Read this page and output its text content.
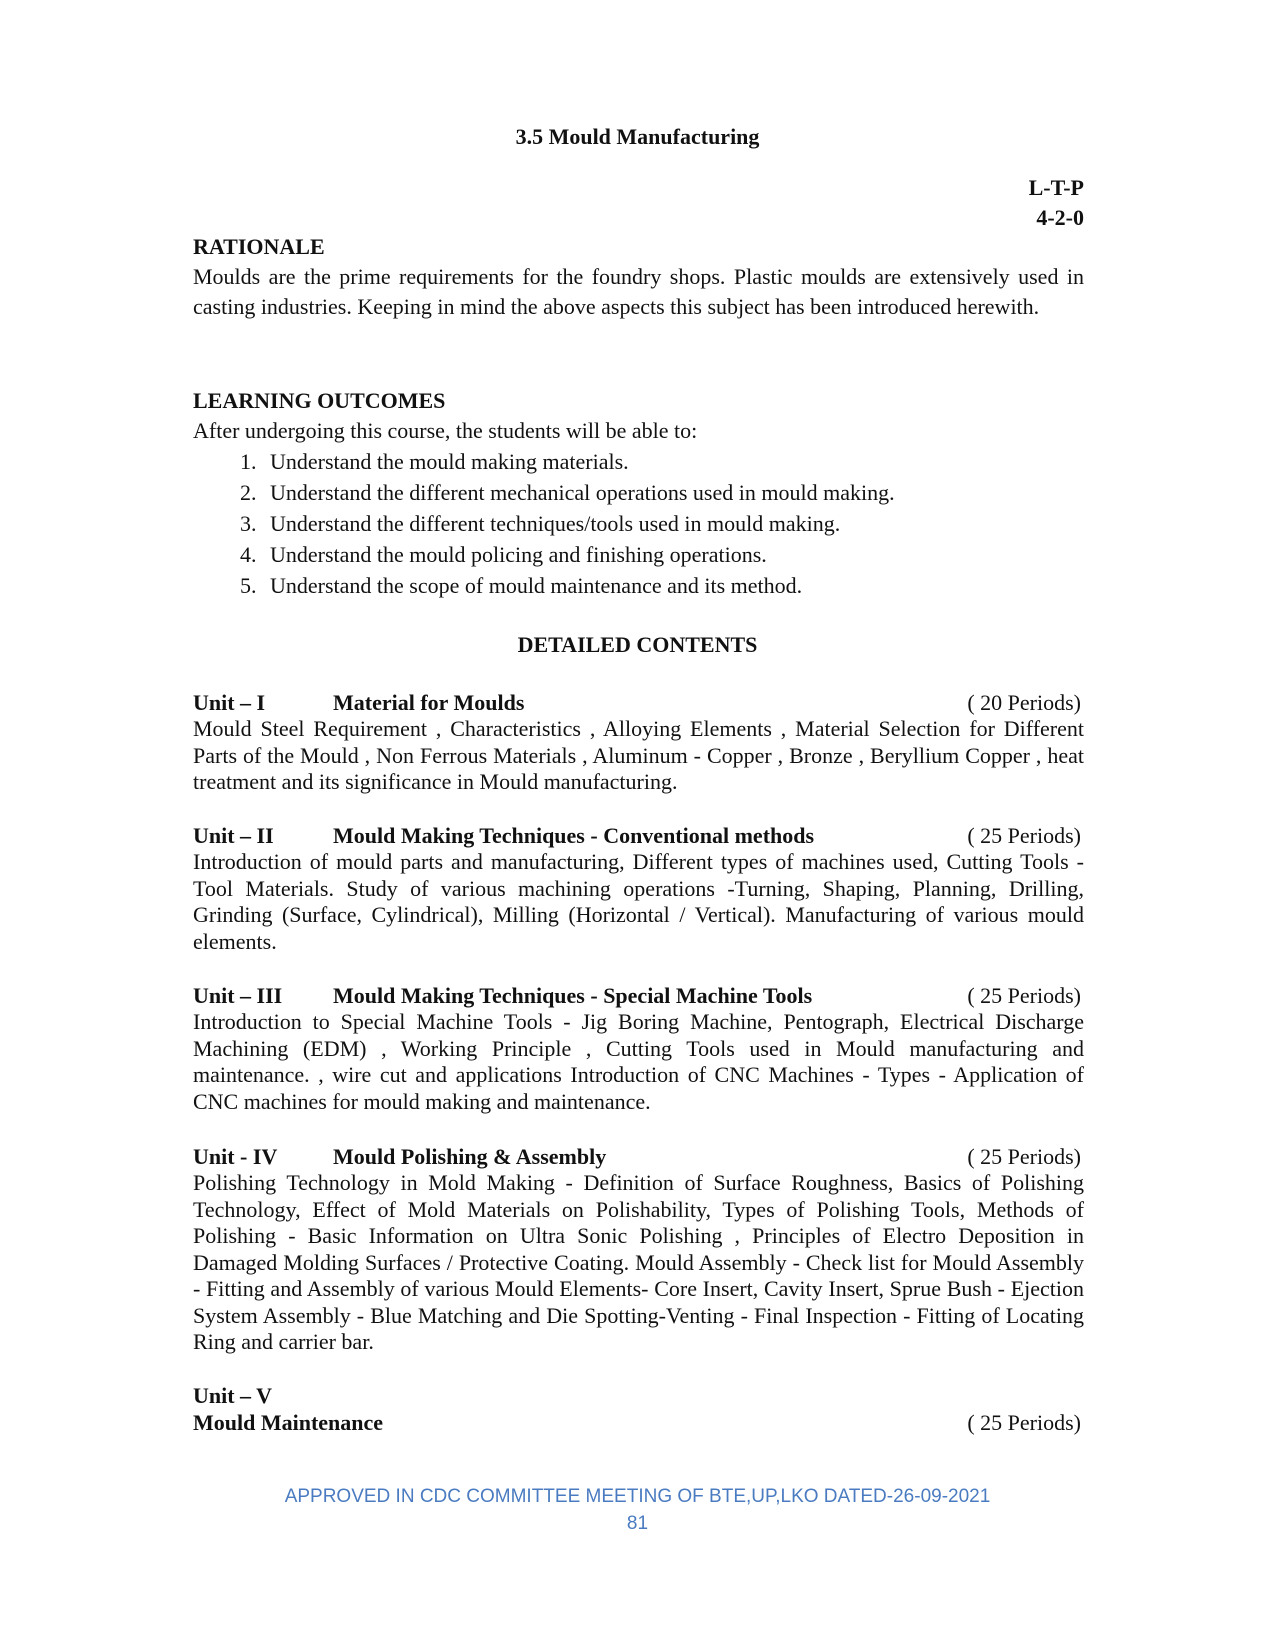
3.5 Mould Manufacturing
L-T-P
4-2-0
RATIONALE

Moulds are the prime requirements for the foundry shops. Plastic moulds are extensively used in casting industries. Keeping in mind the above aspects this subject has been introduced herewith.

LEARNING OUTCOMES
After undergoing this course, the students will be able to:
1. Understand the mould making materials.
2. Understand the different mechanical operations used in mould making.
3. Understand the different techniques/tools used in mould making.
4. Understand the mould policing and finishing operations.
5. Understand the scope of mould maintenance and its method.
DETAILED CONTENTS
Unit – I	Material for Moulds	( 20 Periods)

Mould Steel Requirement , Characteristics , Alloying Elements , Material Selection for Different Parts of the Mould , Non Ferrous Materials , Aluminum - Copper , Bronze , Beryllium Copper , heat treatment and its significance in Mould manufacturing.

Unit – II	Mould Making Techniques - Conventional methods	( 25 Periods)

Introduction of mould parts and manufacturing, Different types of machines used, Cutting Tools - Tool Materials. Study of various machining operations -Turning, Shaping, Planning, Drilling, Grinding (Surface, Cylindrical), Milling (Horizontal / Vertical). Manufacturing of various mould elements.

Unit – III Mould Making Techniques - Special Machine Tools	( 25 Periods)

Introduction to Special Machine Tools - Jig Boring Machine, Pentograph, Electrical Discharge Machining (EDM) , Working Principle , Cutting Tools used in Mould manufacturing and maintenance. , wire cut and applications Introduction of CNC Machines - Types - Application of CNC machines for mould making and maintenance.

Unit - IV	Mould Polishing & Assembly	( 25 Periods)

Polishing Technology in Mold Making - Definition of Surface Roughness, Basics of Polishing Technology, Effect of Mold Materials on Polishability, Types of Polishing Tools, Methods of Polishing - Basic Information on Ultra Sonic Polishing , Principles of Electro Deposition in Damaged Molding Surfaces / Protective Coating. Mould Assembly - Check list for Mould Assembly - Fitting and Assembly of various Mould Elements- Core Insert, Cavity Insert, Sprue Bush - Ejection System Assembly - Blue Matching and Die Spotting-Venting - Final Inspection - Fitting of Locating Ring and carrier bar.

Unit – V
Mould Maintenance	( 25 Periods)
APPROVED IN CDC COMMITTEE MEETING OF BTE,UP,LKO DATED-26-09-2021
81
